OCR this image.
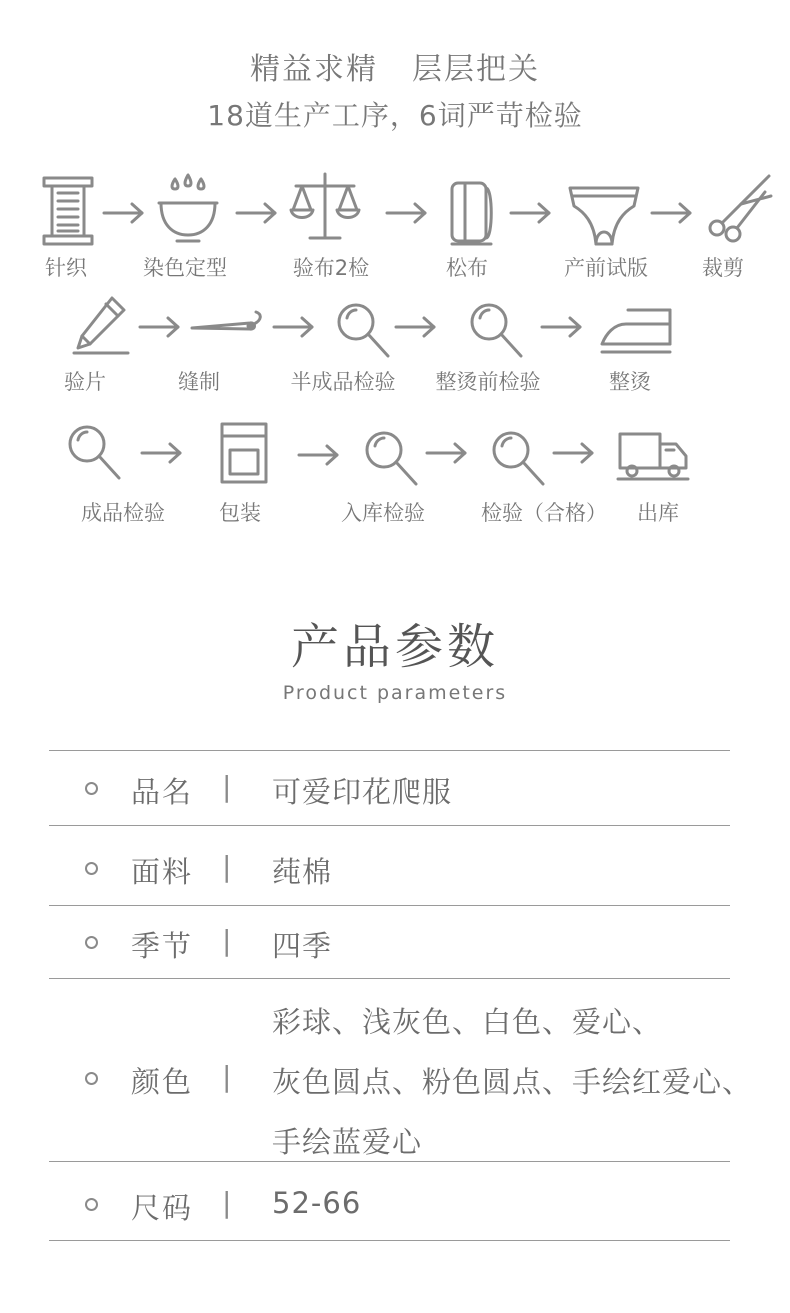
精益求精 层层把关
18道生产工序，6词严苛检验
针织	染色定型	验布2检	松布	产前试版	裁剪
验片	缝制	半成品检验 整烫前检验	整烫
成品检验	包装	入库检验	检验（合格） 出库
产品参数
Product parameters
品名 | 可爱印花爬服
面料 | 莼棉
季节 | 四季
颜色 |
彩球、浅灰色、白色、爱心、
灰色圆点、粉色圆点、手绘红爱心、
手绘蓝爱心
尺码 | 52-66
